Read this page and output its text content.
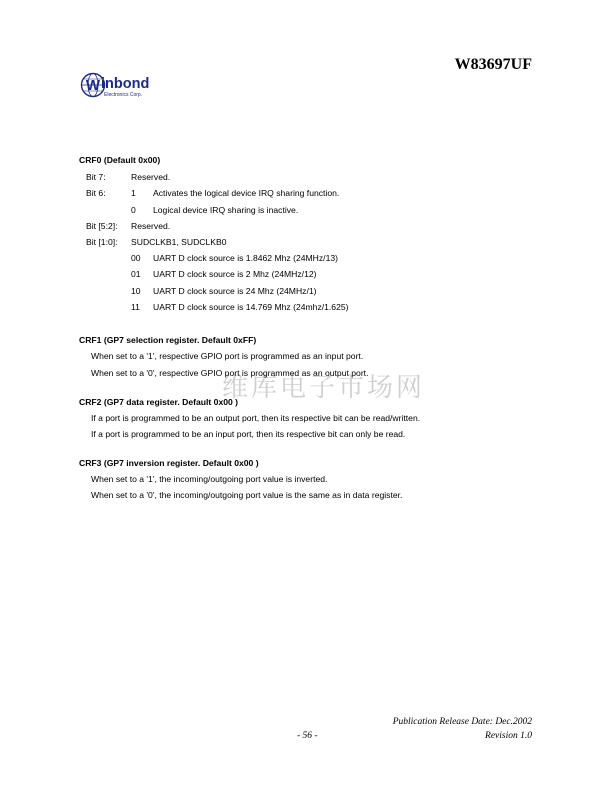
W83697UF
W inbond
Electronics Corp.
维库电子市场网
CRF0 (Default 0x00)
Bit 7:	Reserved.
Bit 6:	1 Activates the logical device IRQ sharing function.
0 Logical device IRQ sharing is inactive.
Bit [5:2]: Reserved.
Bit [1:0]: SUDCLKB1, SUDCLKB0
00 UART D clock source is 1.8462 Mhz (24MHz/13)
01 UART D clock source is 2 Mhz (24MHz/12)
10 UART D clock source is 24 Mhz (24MHz/1)
11 UART D clock source is 14.769 Mhz (24mhz/1.625)
CRF1 (GP7 selection register. Default 0xFF)
When set to a '1', respective GPIO port is programmed as an input port.
When set to a '0', respective GPIO port is programmed as an output port.
CRF2 (GP7 data register. Default 0x00 )
If a port is programmed to be an output port, then its respective bit can be read/written.
If a port is programmed to be an input port, then its respective bit can only be read.
CRF3 (GP7 inversion register. Default 0x00 )
When set to a '1', the incoming/outgoing port value is inverted.
When set to a '0', the incoming/outgoing port value is the same as in data register.
Publication Release Date: Dec.2002
- 56 -	Revision 1.0
